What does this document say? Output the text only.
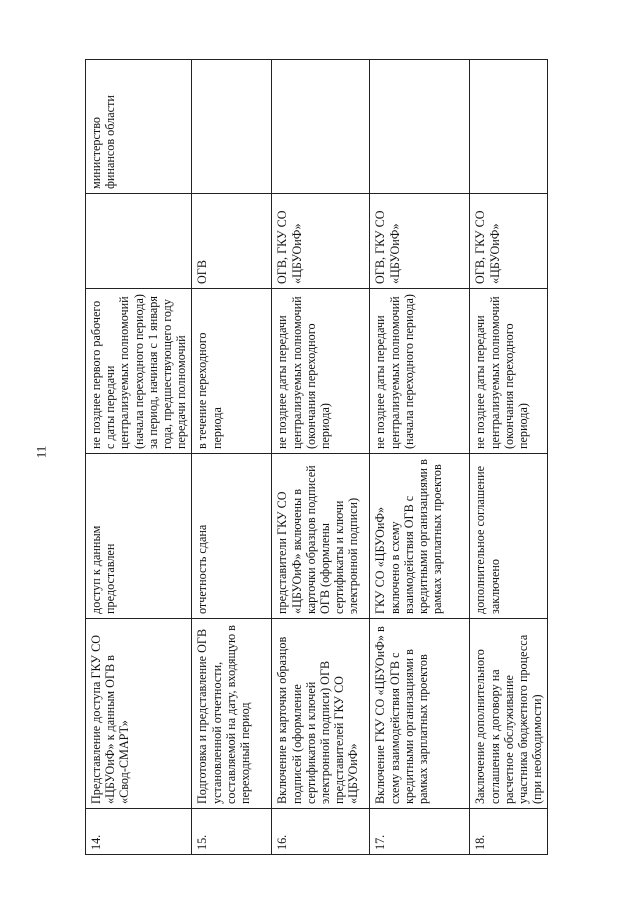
11
14.	Представление доступа ГКУ СО «ЦБУОиФ» к данным ОГВ в «Свод-СМАРТ»	доступ к данным предоставлен	не позднее первого рабочего с даты передачи централизуемых полномочий (начала переходного периода) за период, начиная с 1 января года, предшествующего году передачи полномочий		министерство финансов области
15.	Подготовка и представление ОГВ установленной отчетности, составляемой на дату, входящую в переходный период	отчетность сдана	в течение переходного периода	ОГВ	
16.	Включение в карточки образцов подписей (оформление сертификатов и ключей электронной подписи) ОГВ представителей ГКУ СО «ЦБУОиФ»	представители ГКУ СО «ЦБУОиФ» включены в карточки образцов подписей ОГВ (оформлены сертификаты и ключи электронной подписи)	не позднее даты передачи централизуемых полномочий (окончания переходного периода)	ОГВ, ГКУ СО «ЦБУОиФ»	
17.	Включение ГКУ СО «ЦБУОиФ» в схему взаимодействия ОГВ с кредитными организациями в рамках зарплатных проектов	ГКУ СО «ЦБУОиФ» включено в схему взаимодействия ОГВ с кредитными организациями в рамках зарплатных проектов	не позднее даты передачи централизуемых полномочий (начала переходного периода)	ОГВ, ГКУ СО «ЦБУОиФ»	
18.	Заключение дополнительного соглашения к договору на расчетное обслуживание участника бюджетного процесса (при необходимости)	дополнительное соглашение заключено	не позднее даты передачи централизуемых полномочий (окончания переходного периода)	ОГВ, ГКУ СО «ЦБУОиФ»	
